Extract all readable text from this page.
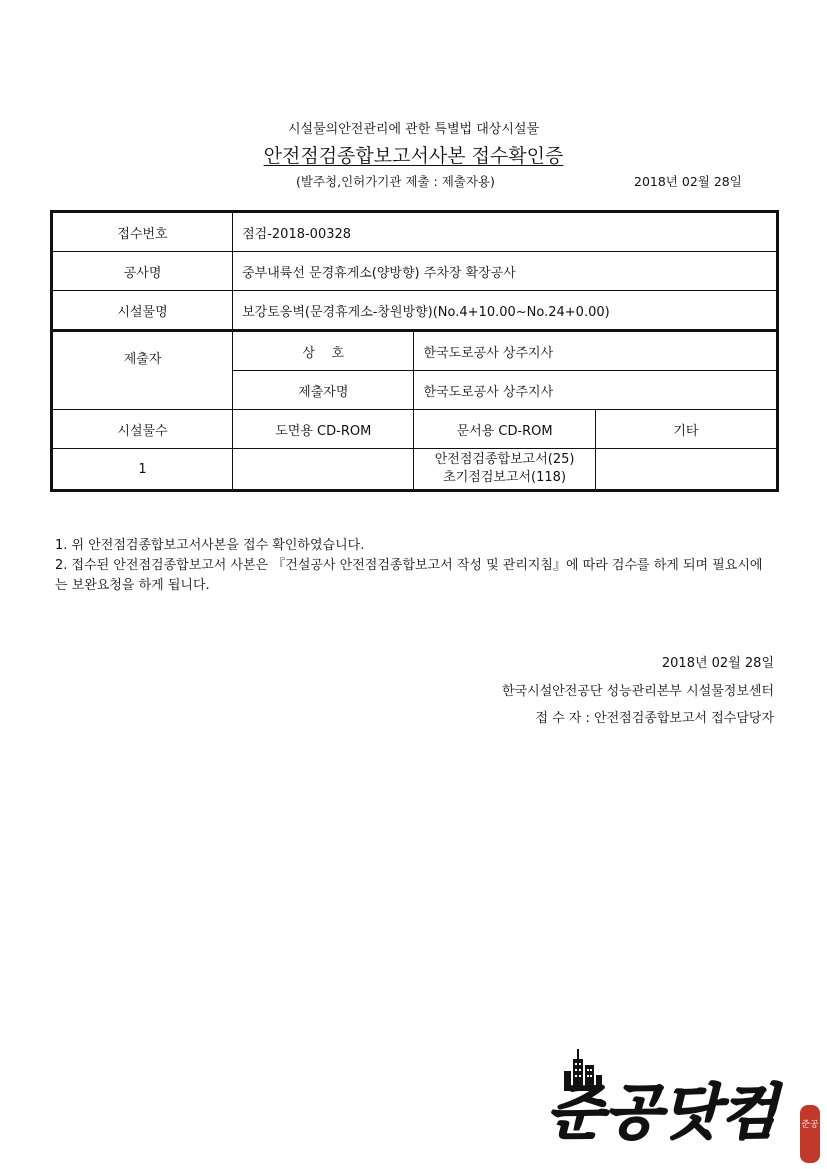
시설물의안전관리에 관한 특별법 대상시설물
안전점검종합보고서사본 접수확인증
(발주청,인허가기관 제출 : 제출자용)	2018년 02월 28일
접수번호	점검-2018-00328		
공사명	중부내륙선 문경휴게소(양방향) 주차장 확장공사		
시설물명	보강토옹벽(문경휴게소-창원방향)(No.4+10.00~No.24+0.00)		
제출자	상    호	한국도로공사 상주지사	
	제출자명	한국도로공사 상주지사	
시설물수	도면용 CD-ROM	문서용 CD-ROM	기타
1		안전점검종합보고서(25)
초기점검보고서(118)	

1. 위 안전점검종합보고서사본을 접수 확인하였습니다.
2. 접수된 안전점검종합보고서 사본은 『건설공사 안전점검종합보고서 작성 및 관리지침』에 따라 검수를 하게 되며 필요시에는 보완요청을 하게 됩니다.
2018년 02월 28일
한국시설안전공단 성능관리본부 시설물정보센터
접 수 자 : 안전점검종합보고서 접수담당자
준공닷컴	준공
